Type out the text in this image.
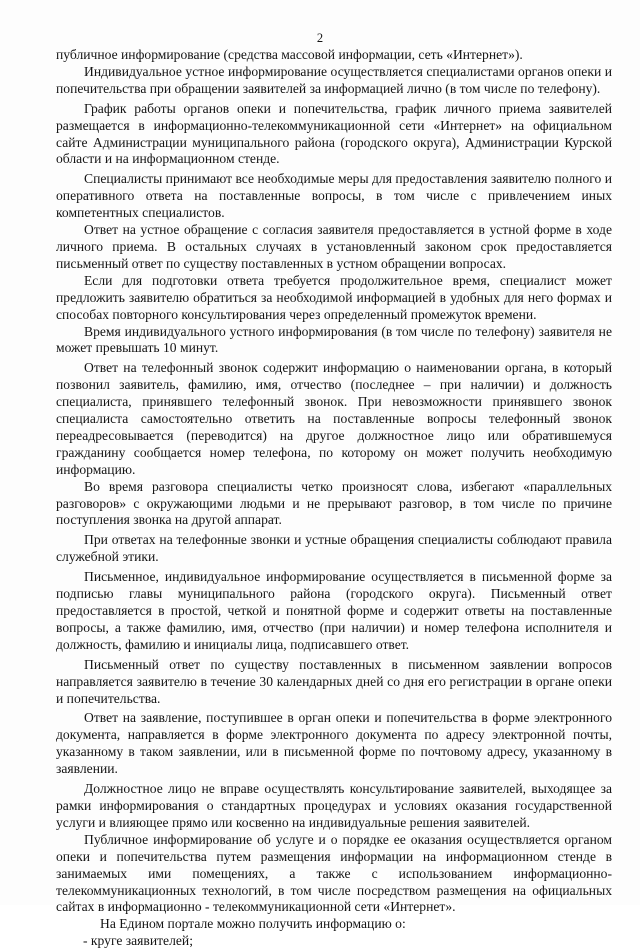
2

публичное информирование (средства массовой информации, сеть «Интернет»).

Индивидуальное устное информирование осуществляется специалистами органов опеки и попечительства при обращении заявителей за информацией лично (в том числе по телефону).

График работы органов опеки и попечительства, график личного приема заявителей размещается в информационно-телекоммуникационной сети «Интернет» на официальном сайте Администрации муниципального района (городского округа), Администрации Курской области и на информационном стенде.

Специалисты принимают все необходимые меры для предоставления заявителю полного и оперативного ответа на поставленные вопросы, в том числе с привлечением иных компетентных специалистов.

Ответ на устное обращение с согласия заявителя предоставляется в устной форме в ходе личного приема. В остальных случаях в установленный законом срок предоставляется письменный ответ по существу поставленных в устном обращении вопросах.

Если для подготовки ответа требуется продолжительное время, специалист может предложить заявителю обратиться за необходимой информацией в удобных для него формах и способах повторного консультирования через определенный промежуток времени.

Время индивидуального устного информирования (в том числе по телефону) заявителя не может превышать 10 минут.

Ответ на телефонный звонок содержит информацию о наименовании органа, в который позвонил заявитель, фамилию, имя, отчество (последнее – при наличии) и должность специалиста, принявшего телефонный звонок. При невозможности принявшего звонок специалиста самостоятельно ответить на поставленные вопросы телефонный звонок переадресовывается (переводится) на другое должностное лицо или обратившемуся гражданину сообщается номер телефона, по которому он может получить необходимую информацию.

Во время разговора специалисты четко произносят слова, избегают «параллельных разговоров» с окружающими людьми и не прерывают разговор, в том числе по причине поступления звонка на другой аппарат.

При ответах на телефонные звонки и устные обращения специалисты соблюдают правила служебной этики.

Письменное, индивидуальное информирование осуществляется в письменной форме за подписью главы муниципального района (городского округа). Письменный ответ предоставляется в простой, четкой и понятной форме и содержит ответы на поставленные вопросы, а также фамилию, имя, отчество (при наличии) и номер телефона исполнителя и должность, фамилию и инициалы лица, подписавшего ответ.

Письменный ответ по существу поставленных в письменном заявлении вопросов направляется заявителю в течение 30 календарных дней со дня его регистрации в органе опеки и попечительства.

Ответ на заявление, поступившее в орган опеки и попечительства в форме электронного документа, направляется в форме электронного документа по адресу электронной почты, указанному в таком заявлении, или в письменной форме по почтовому адресу, указанному в заявлении.

Должностное лицо не вправе осуществлять консультирование заявителей, выходящее за рамки информирования о стандартных процедурах и условиях оказания государственной услуги и влияющее прямо или косвенно на индивидуальные решения заявителей.

Публичное информирование об услуге и о порядке ее оказания осуществляется органом опеки и попечительства путем размещения информации на информационном стенде в занимаемых ими помещениях, а также с использованием информационно-телекоммуникационных технологий, в том числе посредством размещения на официальных сайтах в информационно - телекоммуникационной сети «Интернет».

На Едином портале можно получить информацию о:

- круге заявителей;
